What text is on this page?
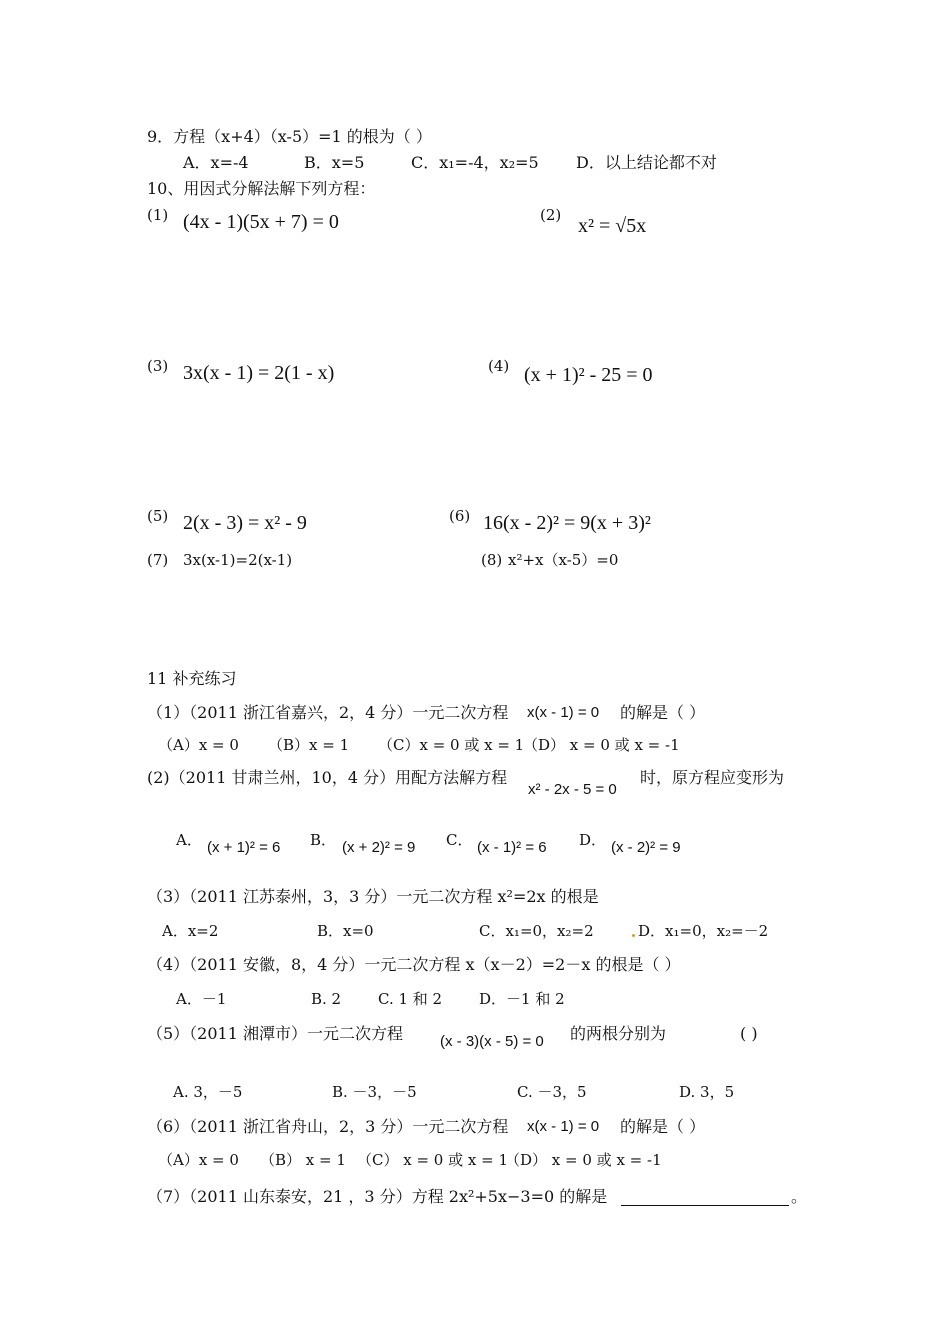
9．方程（x+4）（x-5）=1 的根为（ ）
A．x=-4	B．x=5	C．x₁=-4，x₂=5 D．以上结论都不对
10、用因式分解法解下列方程：
(1) (4x - 1)(5x + 7) = 0	(2) x² = √5x
(3) 3x(x - 1) = 2(1 - x)	(4) (x + 1)² - 25 = 0
(5) 2(x - 3) = x² - 9	(6) 16(x - 2)² = 9(x + 3)²
(7) 3x(x-1)=2(x-1)	(8) x²+x（x-5）=0
11 补充练习
（1）（2011 浙江省嘉兴，2，4 分）一元二次方程 x(x - 1) = 0 的解是（ ）
（A）x = 0 （B）x = 1 （C）x = 0 或 x = 1
（D） x = 0 或 x = -1
(2)（2011 甘肃兰州，10，4 分）用配方法解方程
x² - 2x - 5 = 0
时，原方程应变形为
A． (x + 1)² = 6 B． (x + 2)² = 9 C． (x - 1)² = 6 D． (x - 2)² = 9
（3）（2011 江苏泰州，3，3 分）一元二次方程 x²=2x 的根是
A．x=2	B．x=0	C．x₁=0，x₂=2	D．x₁=0，x₂=－2
（4）（2011 安徽，8，4 分）一元二次方程 x（x－2）=2－x 的根是（ ）
A．－1	B. 2 C. 1 和 2 D．－1 和 2
（5）（2011 湘潭市）一元二次方程 (x - 3)(x - 5) = 0 的两根分别为	( )
A. 3，－5	B. －3，－5	C. －3，5	D. 3，5
（6）（2011 浙江省舟山，2，3 分）一元二次方程 x(x - 1) = 0 的解是（ ）
（A）x = 0 （B） x = 1 （C） x = 0 或 x = 1
（D） x = 0 或 x = -1
（7）（2011 山东泰安，21 ，3 分）方程 2x²+5x−3=0 的解是	。
